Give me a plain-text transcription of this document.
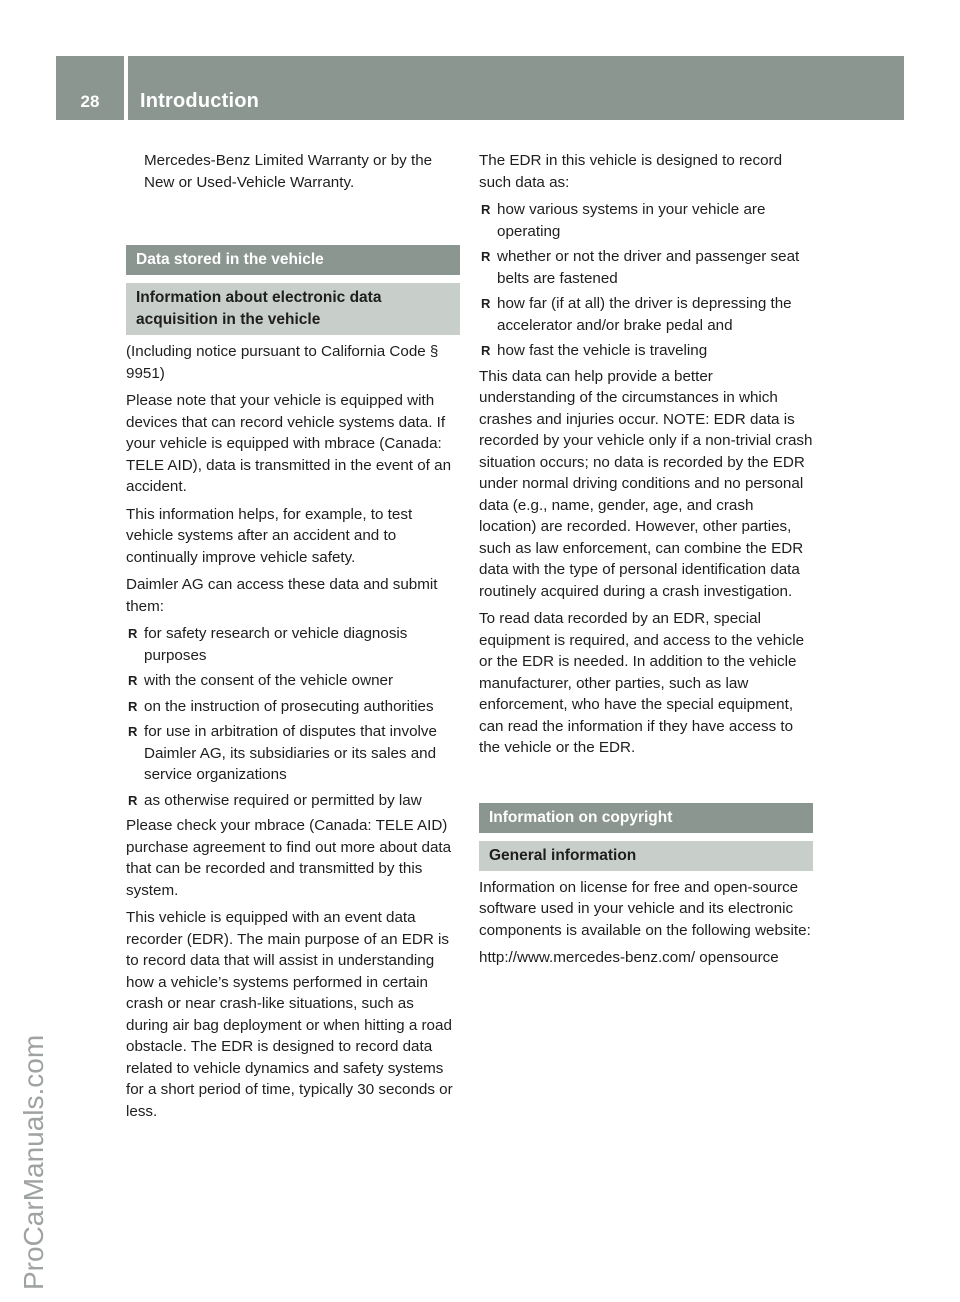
28	Introduction
ProCarManuals.com

Mercedes-Benz Limited Warranty or by the New or Used-Vehicle Warranty.

Data stored in the vehicle
Information about electronic data acquisition in the vehicle

(Including notice pursuant to California Code § 9951)

Please note that your vehicle is equipped with devices that can record vehicle systems data. If your vehicle is equipped with mbrace (Canada: TELE AID), data is transmitted in the event of an accident.

This information helps, for example, to test vehicle systems after an accident and to continually improve vehicle safety.

Daimler AG can access these data and submit them:

R for safety research or vehicle diagnosis purposes
R with the consent of the vehicle owner
R on the instruction of prosecuting authorities
R for use in arbitration of disputes that involve Daimler AG, its subsidiaries or its sales and service organizations
R as otherwise required or permitted by law

Please check your mbrace (Canada: TELE AID) purchase agreement to find out more about data that can be recorded and transmitted by this system.

This vehicle is equipped with an event data recorder (EDR). The main purpose of an EDR is to record data that will assist in understanding how a vehicle’s systems performed in certain crash or near crash-like situations, such as during air bag deployment or when hitting a road obstacle. The EDR is designed to record data related to vehicle dynamics and safety systems for a short period of time, typically 30 seconds or less.

The EDR in this vehicle is designed to record such data as:

R how various systems in your vehicle are operating
R whether or not the driver and passenger seat belts are fastened
R how far (if at all) the driver is depressing the accelerator and/or brake pedal and
R how fast the vehicle is traveling

This data can help provide a better understanding of the circumstances in which crashes and injuries occur. NOTE: EDR data is recorded by your vehicle only if a non-trivial crash situation occurs; no data is recorded by the EDR under normal driving conditions and no personal data (e.g., name, gender, age, and crash location) are recorded. However, other parties, such as law enforcement, can combine the EDR data with the type of personal identification data routinely acquired during a crash investigation.

To read data recorded by an EDR, special equipment is required, and access to the vehicle or the EDR is needed. In addition to the vehicle manufacturer, other parties, such as law enforcement, who have the special equipment, can read the information if they have access to the vehicle or the EDR.

Information on copyright
General information

Information on license for free and open-source software used in your vehicle and its electronic components is available on the following website:

http://www.mercedes-benz.com/ opensource
